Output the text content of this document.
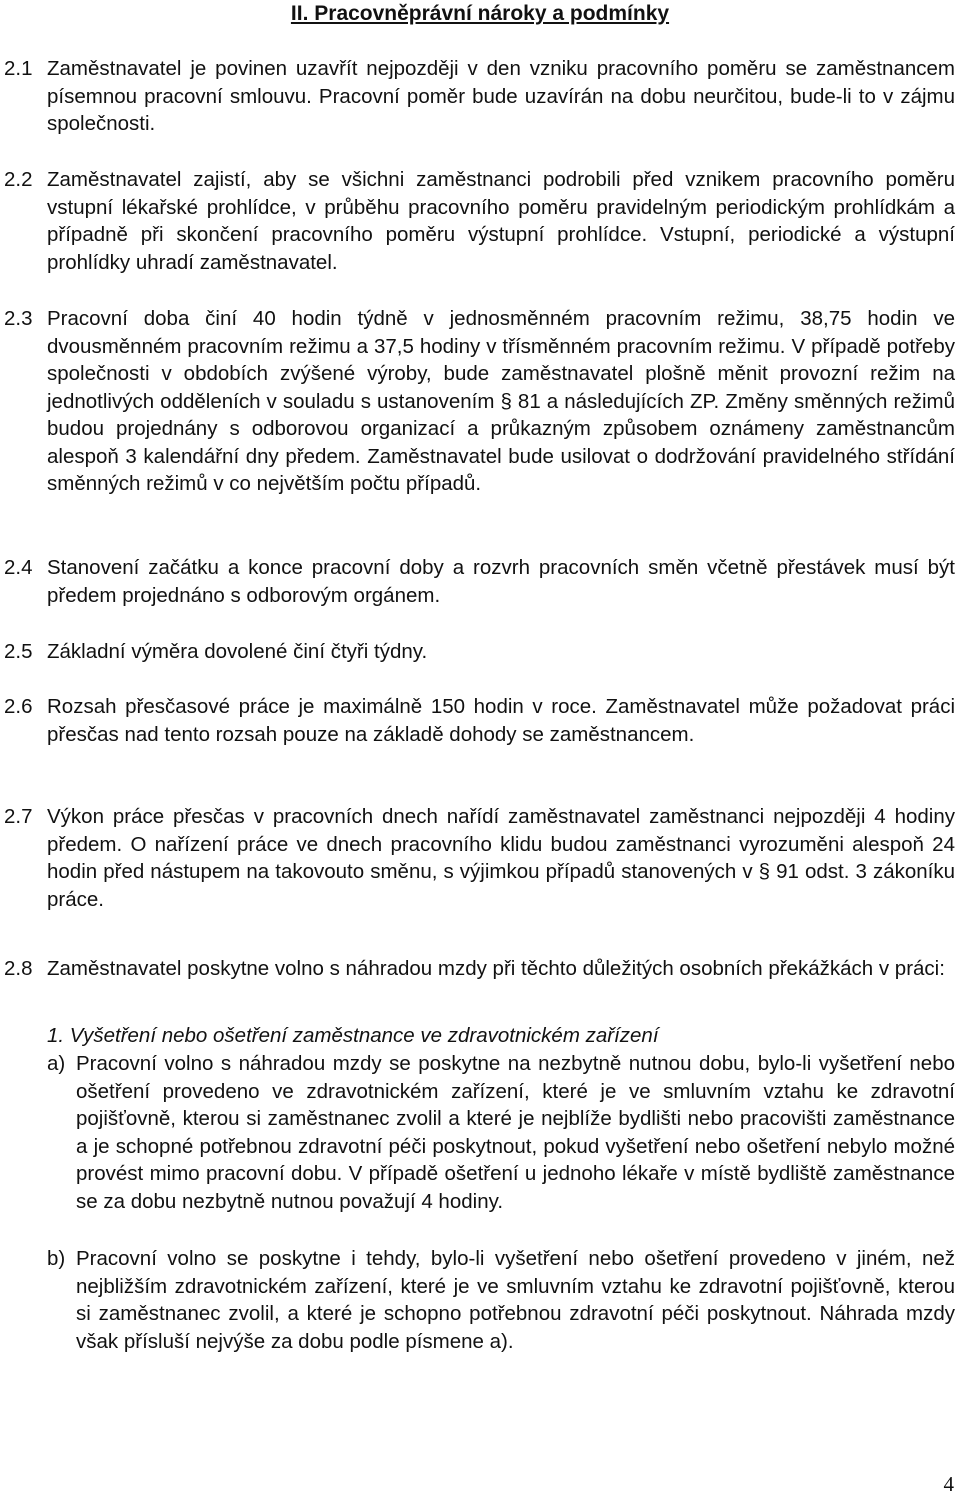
II. Pracovněprávní nároky a podmínky
2.1 Zaměstnavatel je povinen uzavřít nejpozději v den vzniku pracovního poměru se zaměstnancem písemnou pracovní smlouvu. Pracovní poměr bude uzavírán na dobu neurčitou, bude-li to v zájmu společnosti.
2.2 Zaměstnavatel zajistí, aby se všichni zaměstnanci podrobili před vznikem pracovního poměru vstupní lékařské prohlídce, v průběhu pracovního poměru pravidelným periodickým prohlídkám a případně při skončení pracovního poměru výstupní prohlídce. Vstupní, periodické a výstupní prohlídky uhradí zaměstnavatel.
2.3 Pracovní doba činí 40 hodin týdně v jednosměnném pracovním režimu, 38,75 hodin ve dvousměnném pracovním režimu a 37,5 hodiny v třísměnném pracovním režimu. V případě potřeby společnosti v obdobích zvýšené výroby, bude zaměstnavatel plošně měnit provozní režim na jednotlivých odděleních v souladu s ustanovením § 81 a následujících ZP. Změny směnných režimů budou projednány s odborovou organizací a průkazným způsobem oznámeny zaměstnancům alespoň 3 kalendářní dny předem. Zaměstnavatel bude usilovat o dodržování pravidelného střídání směnných režimů v co největším počtu případů.
2.4 Stanovení začátku a konce pracovní doby a rozvrh pracovních směn včetně přestávek musí být předem projednáno s odborovým orgánem.
2.5 Základní výměra dovolené činí čtyři týdny.
2.6 Rozsah přesčasové práce je maximálně 150 hodin v roce. Zaměstnavatel může požadovat práci přesčas nad tento rozsah pouze na základě dohody se zaměstnancem.
2.7 Výkon práce přesčas v pracovních dnech nařídí zaměstnavatel zaměstnanci nejpozději 4 hodiny předem. O nařízení práce ve dnech pracovního klidu budou zaměstnanci vyrozuměni alespoň 24 hodin před nástupem na takovouto směnu, s výjimkou případů stanovených v § 91 odst. 3 zákoníku práce.
2.8 Zaměstnavatel poskytne volno s náhradou mzdy při těchto důležitých osobních překážkách v práci:
1. Vyšetření nebo ošetření zaměstnance ve zdravotnickém zařízení
a) Pracovní volno s náhradou mzdy se poskytne na nezbytně nutnou dobu, bylo-li vyšetření nebo ošetření provedeno ve zdravotnickém zařízení, které je ve smluvním vztahu ke zdravotní pojišťovně, kterou si zaměstnanec zvolil a které je nejblíže bydlišti nebo pracovišti zaměstnance a je schopné potřebnou zdravotní péči poskytnout, pokud vyšetření nebo ošetření nebylo možné provést mimo pracovní dobu. V případě ošetření u jednoho lékaře v místě bydliště zaměstnance se za dobu nezbytně nutnou považují 4 hodiny.
b) Pracovní volno se poskytne i tehdy, bylo-li vyšetření nebo ošetření provedeno v jiném, než nejbližším zdravotnickém zařízení, které je ve smluvním vztahu ke zdravotní pojišťovně, kterou si zaměstnanec zvolil, a které je schopno potřebnou zdravotní péči poskytnout. Náhrada mzdy však přísluší nejvýše za dobu podle písmene a).
4
